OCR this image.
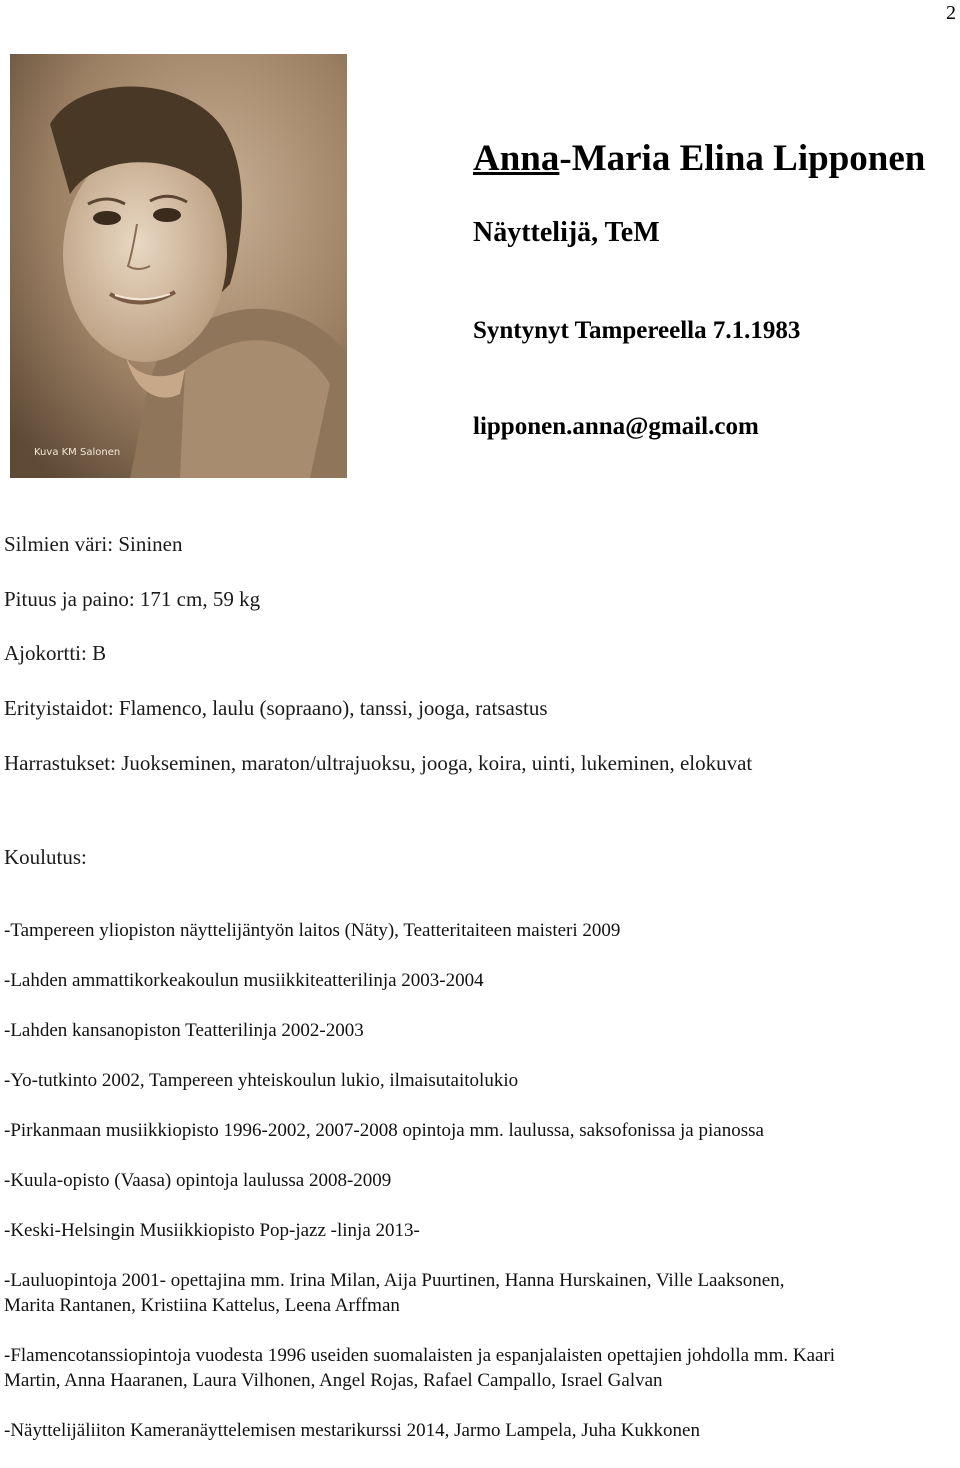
2
Kuva KM Salonen
Anna-Maria Elina Lipponen
Näyttelijä, TeM
Syntynyt Tampereella 7.1.1983
lipponen.anna@gmail.com
Silmien väri: Sininen
Pituus ja paino: 171 cm, 59 kg
Ajokortti: B
Erityistaidot: Flamenco, laulu (sopraano), tanssi, jooga, ratsastus
Harrastukset: Juokseminen, maraton/ultrajuoksu, jooga, koira, uinti, lukeminen, elokuvat
Koulutus:
-Tampereen yliopiston näyttelijäntyön laitos (Näty), Teatteritaiteen maisteri 2009
-Lahden ammattikorkeakoulun musiikkiteatterilinja 2003-2004
-Lahden kansanopiston Teatterilinja 2002-2003
-Yo-tutkinto 2002, Tampereen yhteiskoulun lukio, ilmaisutaitolukio
-Pirkanmaan musiikkiopisto 1996-2002, 2007-2008 opintoja mm. laulussa, saksofonissa ja pianossa
-Kuula-opisto (Vaasa) opintoja laulussa 2008-2009
-Keski-Helsingin Musiikkiopisto Pop-jazz -linja 2013-
-Lauluopintoja 2001- opettajina mm. Irina Milan, Aija Puurtinen, Hanna Hurskainen, Ville Laaksonen,
Marita Rantanen, Kristiina Kattelus, Leena Arffman
-Flamencotanssiopintoja vuodesta 1996 useiden suomalaisten ja espanjalaisten opettajien johdolla mm. Kaari
Martin, Anna Haaranen, Laura Vilhonen, Angel Rojas, Rafael Campallo, Israel Galvan
-Näyttelijäliiton Kameranäyttelemisen mestarikurssi 2014, Jarmo Lampela, Juha Kukkonen
